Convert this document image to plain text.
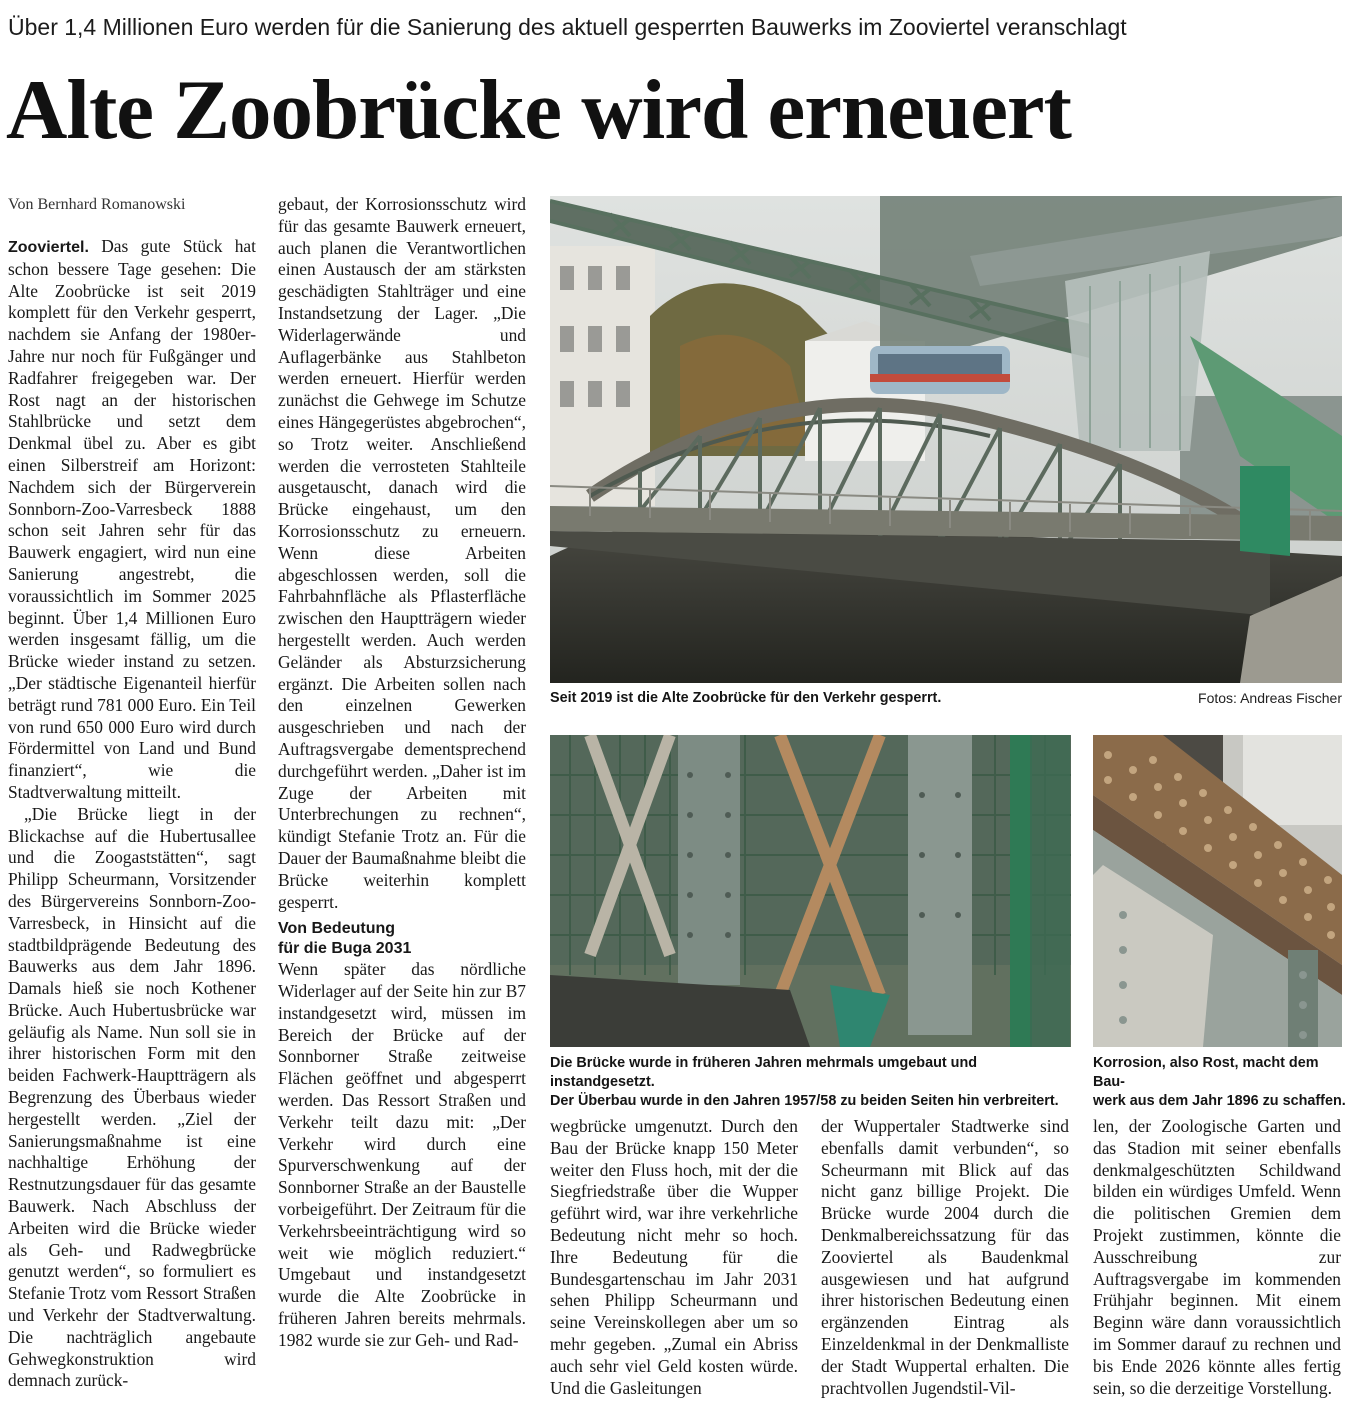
Über 1,4 Millionen Euro werden für die Sanierung des aktuell gesperrten Bauwerks im Zooviertel veranschlagt
Alte Zoobrücke wird erneuert
Von Bernhard Romanowski

Zooviertel. Das gute Stück hat schon bessere Tage gesehen: Die Alte Zoobrücke ist seit 2019 komplett für den Verkehr gesperrt, nachdem sie Anfang der 1980er-Jahre nur noch für Fußgänger und Radfahrer freigegeben war. Der Rost nagt an der historischen Stahlbrücke und setzt dem Denkmal übel zu. Aber es gibt einen Silberstreif am Horizont: Nachdem sich der Bürgerverein Sonnborn-Zoo-Varresbeck 1888 schon seit Jahren sehr für das Bauwerk engagiert, wird nun eine Sanierung angestrebt, die voraussichtlich im Sommer 2025 beginnt. Über 1,4 Millionen Euro werden insgesamt fällig, um die Brücke wieder instand zu setzen. „Der städtische Eigenanteil hierfür beträgt rund 781 000 Euro. Ein Teil von rund 650 000 Euro wird durch Fördermittel von Land und Bund finanziert“, wie die Stadtverwaltung mitteilt.

„Die Brücke liegt in der Blickachse auf die Hubertusallee und die Zoogaststätten“, sagt Philipp Scheurmann, Vorsitzender des Bürgervereins Sonnborn-Zoo-Varresbeck, in Hinsicht auf die stadtbildprägende Bedeutung des Bauwerks aus dem Jahr 1896. Damals hieß sie noch Kothener Brücke. Auch Hubertusbrücke war geläufig als Name. Nun soll sie in ihrer historischen Form mit den beiden Fachwerk-Hauptträgern als Begrenzung des Überbaus wieder hergestellt werden. „Ziel der Sanierungsmaßnahme ist eine nachhaltige Erhöhung der Restnutzungsdauer für das gesamte Bauwerk. Nach Abschluss der Arbeiten wird die Brücke wieder als Geh- und Radwegbrücke genutzt werden“, so formuliert es Stefanie Trotz vom Ressort Straßen und Verkehr der Stadtverwaltung. Die nachträglich angebaute Gehwegkonstruktion wird demnach zurück-

gebaut, der Korrosionsschutz wird für das gesamte Bauwerk erneuert, auch planen die Verantwortlichen einen Austausch der am stärksten geschädigten Stahlträger und eine Instandsetzung der Lager. „Die Widerlagerwände und Auflagerbänke aus Stahlbeton werden erneuert. Hierfür werden zunächst die Gehwege im Schutze eines Hängegerüstes abgebrochen“, so Trotz weiter. Anschließend werden die verrosteten Stahlteile ausgetauscht, danach wird die Brücke eingehaust, um den Korrosionsschutz zu erneuern. Wenn diese Arbeiten abgeschlossen werden, soll die Fahrbahnfläche als Pflasterfläche zwischen den Hauptträgern wieder hergestellt werden. Auch werden Geländer als Absturzsicherung ergänzt. Die Arbeiten sollen nach den einzelnen Gewerken ausgeschrieben und nach der Auftragsvergabe dementsprechend durchgeführt werden. „Daher ist im Zuge der Arbeiten mit Unterbrechungen zu rechnen“, kündigt Stefanie Trotz an. Für die Dauer der Baumaßnahme bleibt die Brücke weiterhin komplett gesperrt.

Von Bedeutung
für die Buga 2031

Wenn später das nördliche Widerlager auf der Seite hin zur B7 instandgesetzt wird, müssen im Bereich der Brücke auf der Sonnborner Straße zeitweise Flächen geöffnet und abgesperrt werden. Das Ressort Straßen und Verkehr teilt dazu mit: „Der Verkehr wird durch eine Spurverschwenkung auf der Sonnborner Straße an der Baustelle vorbeigeführt. Der Zeitraum für die Verkehrsbeeinträchtigung wird so weit wie möglich reduziert.“ Umgebaut und instandgesetzt wurde die Alte Zoobrücke in früheren Jahren bereits mehrmals. 1982 wurde sie zur Geh- und Rad-

wegbrücke umgenutzt. Durch den Bau der Brücke knapp 150 Meter weiter den Fluss hoch, mit der die Siegfriedstraße über die Wupper geführt wird, war ihre verkehrliche Bedeutung nicht mehr so hoch. Ihre Bedeutung für die Bundesgartenschau im Jahr 2031 sehen Philipp Scheurmann und seine Vereinskollegen aber um so mehr gegeben. „Zumal ein Abriss auch sehr viel Geld kosten würde. Und die Gasleitungen

der Wuppertaler Stadtwerke sind ebenfalls damit verbunden“, so Scheurmann mit Blick auf das nicht ganz billige Projekt. Die Brücke wurde 2004 durch die Denkmalbereichssatzung für das Zooviertel als Baudenkmal ausgewiesen und hat aufgrund ihrer historischen Bedeutung einen ergänzenden Eintrag als Einzeldenkmal in der Denkmalliste der Stadt Wuppertal erhalten. Die prachtvollen Jugendstil-Vil-

len, der Zoologische Garten und das Stadion mit seiner ebenfalls denkmalgeschützten Schildwand bilden ein würdiges Umfeld. Wenn die politischen Gremien dem Projekt zustimmen, könnte die Ausschreibung zur Auftragsvergabe im kommenden Frühjahr beginnen. Mit einem Beginn wäre dann voraussichtlich im Sommer darauf zu rechnen und bis Ende 2026 könnte alles fertig sein, so die derzeitige Vorstellung.

Seit 2019 ist die Alte Zoobrücke für den Verkehr gesperrt.	Fotos: Andreas Fischer
Die Brücke wurde in früheren Jahren mehrmals umgebaut und instandgesetzt.
Der Überbau wurde in den Jahren 1957/58 zu beiden Seiten hin verbreitert.
Korrosion, also Rost, macht dem Bau-
werk aus dem Jahr 1896 zu schaffen.
